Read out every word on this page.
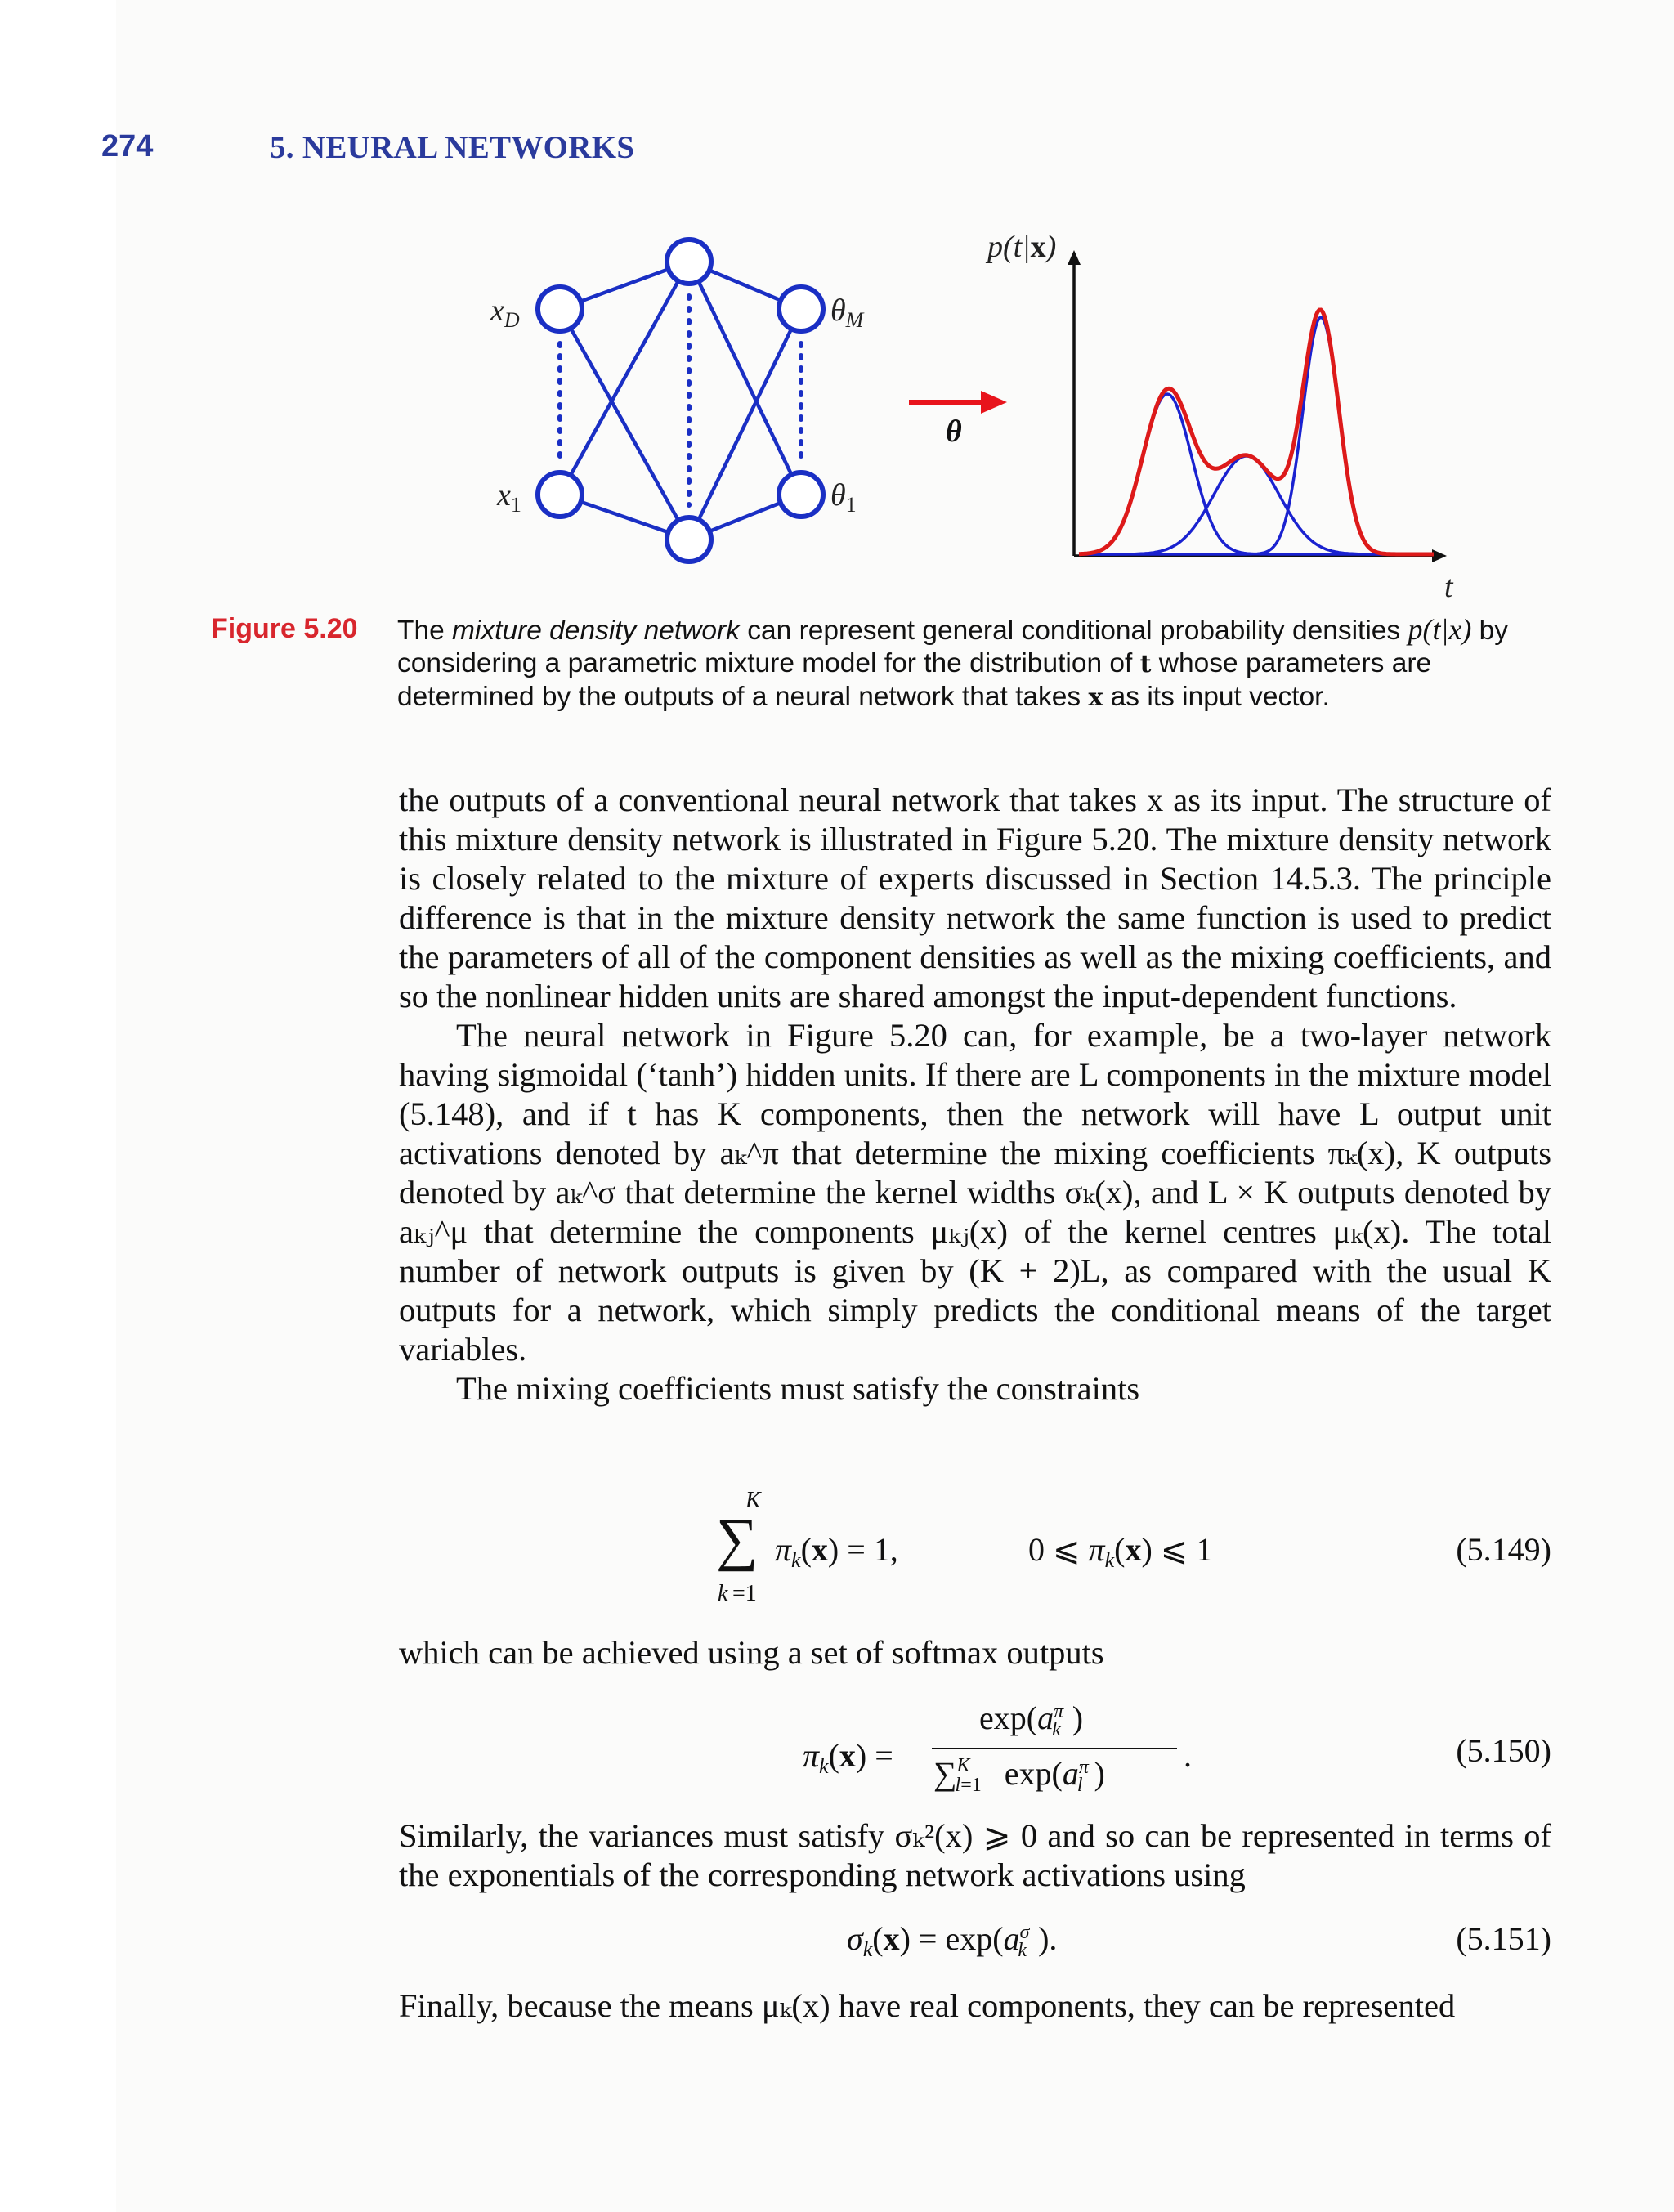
274	5. NEURAL NETWORKS
$x_D$
$x_1$
$\theta_M$
$\theta_1$
θ
p(t|x)
t
Figure 5.20 The mixture density network can represent general conditional probability densities p(t|x) by considering a parametric mixture model for the distribution of t whose parameters are determined by the outputs of a neural network that takes x as its input vector.

the outputs of a conventional neural network that takes x as its input. The structure of this mixture density network is illustrated in Figure 5.20. The mixture density network is closely related to the mixture of experts discussed in Section 14.5.3. The principle difference is that in the mixture density network the same function is used to predict the parameters of all of the component densities as well as the mixing coefficients, and so the nonlinear hidden units are shared amongst the input-dependent functions.

The neural network in Figure 5.20 can, for example, be a two-layer network having sigmoidal (‘tanh’) hidden units. If there are L components in the mixture model (5.148), and if t has K components, then the network will have L output unit activations denoted by aₖ^π that determine the mixing coefficients πₖ(x), K outputs denoted by aₖ^σ that determine the kernel widths σₖ(x), and L × K outputs denoted by aₖⱼ^μ that determine the components μₖⱼ(x) of the kernel centres μₖ(x). The total number of network outputs is given by (K + 2)L, as compared with the usual K outputs for a network, which simply predicts the conditional means of the target variables.

The mixing coefficients must satisfy the constraints

K
∑
k =1
$\pi_k(x) = 1$,	0 ⩽ $\pi_k(x)$ ⩽ 1	(5.149)

which can be achieved using a set of softmax outputs

$\pi_k(x)$ =
$\exp(a^\pi_k$ )
∑$^K_{l=1}$ $\exp(a^\pi_l$ ) .	(5.150)

Similarly, the variances must satisfy σₖ²(x) ⩾ 0 and so can be represented in terms of the exponentials of the corresponding network activations using

$\sigma_k(x) = \exp(a^\sigma_k$ ).	(5.151)

Finally, because the means μₖ(x) have real components, they can be represented
